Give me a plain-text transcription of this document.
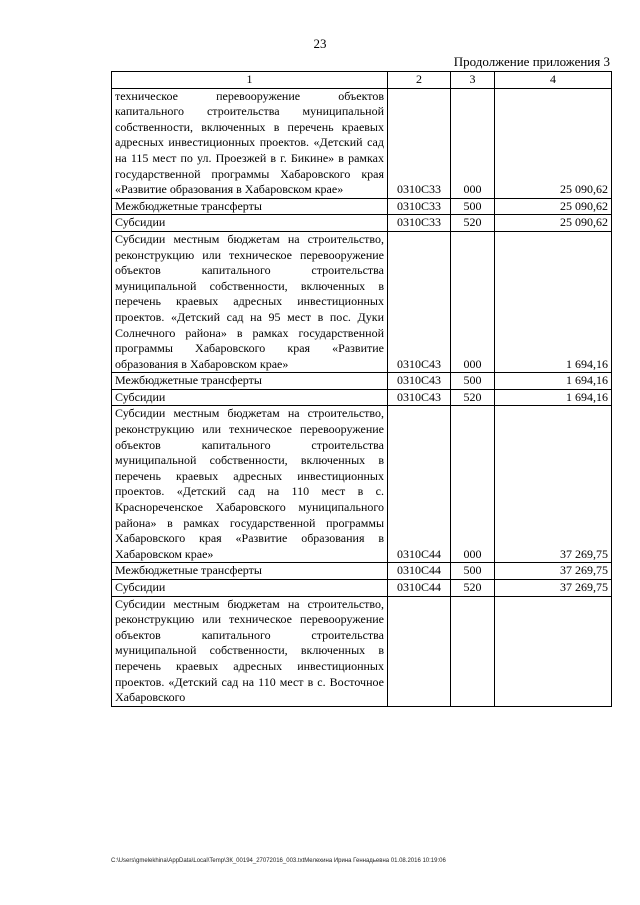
23
Продолжение приложения 3
1	2	3	4
техническое перевооружение объектов капитального строительства муниципальной собственности, включенных в перечень краевых адресных инвестиционных проектов. «Детский сад на 115 мест по ул. Проезжей в г. Бикине» в рамках государственной программы Хабаровского края «Развитие образования в Хабаровском крае»	0310С33	000	25 090,62
Межбюджетные трансферты	0310С33	500	25 090,62
Субсидии	0310С33	520	25 090,62
Субсидии местным бюджетам на строительство, реконструкцию или техническое перевооружение объектов капитального строительства муниципальной собственности, включенных в перечень краевых адресных инвестиционных проектов. «Детский сад на 95 мест в пос. Дуки Солнечного района» в рамках государственной программы Хабаровского края «Развитие образования в Хабаровском крае»	0310С43	000	1 694,16
Межбюджетные трансферты	0310С43	500	1 694,16
Субсидии	0310С43	520	1 694,16
Субсидии местным бюджетам на строительство, реконструкцию или техническое перевооружение объектов капитального строительства муниципальной собственности, включенных в перечень краевых адресных инвестиционных проектов. «Детский сад на 110 мест в с. Краснореченское Хабаровского муниципального района» в рамках государственной программы Хабаровского края «Развитие образования в Хабаровском крае»	0310С44	000	37 269,75
Межбюджетные трансферты	0310С44	500	37 269,75
Субсидии	0310С44	520	37 269,75
Субсидии местным бюджетам на строительство, реконструкцию или техническое перевооружение объектов капитального строительства муниципальной собственности, включенных в перечень краевых адресных инвестиционных проектов. «Детский сад на 110 мест в с. Восточное Хабаровского			
C:\Users\gmelekhina\AppData\Local\Temp\ЗК_00194_27072016_003.txtМелехина Ирина Геннадьевна 01.08.2016 10:19:06
